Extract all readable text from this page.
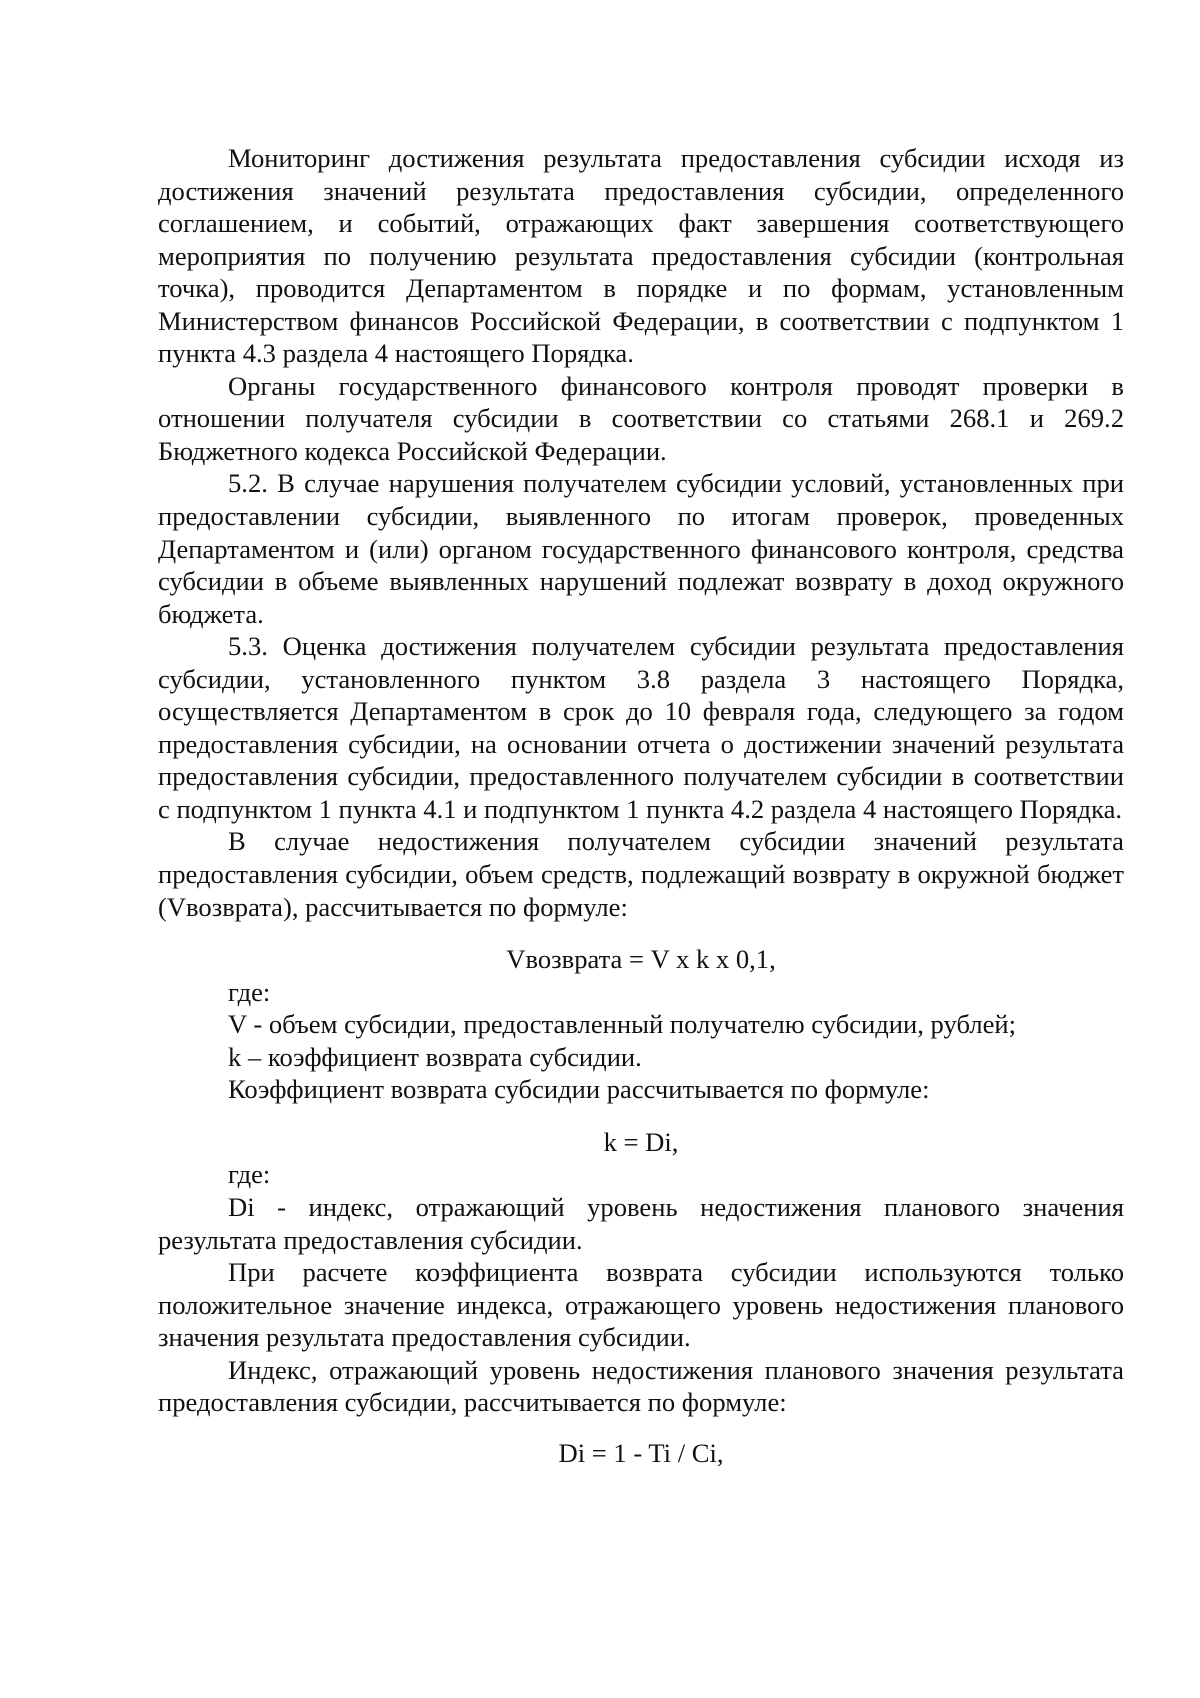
Мониторинг достижения результата предоставления субсидии исходя из достижения значений результата предоставления субсидии, определенного соглашением, и событий, отражающих факт завершения соответствующего мероприятия по получению результата предоставления субсидии (контрольная точка), проводится Департаментом в порядке и по формам, установленным Министерством финансов Российской Федерации, в соответствии с подпунктом 1 пункта 4.3 раздела 4 настоящего Порядка.

Органы государственного финансового контроля проводят проверки в отношении получателя субсидии в соответствии со статьями 268.1 и 269.2 Бюджетного кодекса Российской Федерации.

5.2. В случае нарушения получателем субсидии условий, установленных при предоставлении субсидии, выявленного по итогам проверок, проведенных Департаментом и (или) органом государственного финансового контроля, средства субсидии в объеме выявленных нарушений подлежат возврату в доход окружного бюджета.

5.3. Оценка достижения получателем субсидии результата предоставления субсидии, установленного пунктом 3.8 раздела 3 настоящего Порядка, осуществляется Департаментом в срок до 10 февраля года, следующего за годом предоставления субсидии, на основании отчета о достижении значений результата предоставления субсидии, предоставленного получателем субсидии в соответствии с подпунктом 1 пункта 4.1 и подпунктом 1 пункта 4.2 раздела 4 настоящего Порядка.

В случае недостижения получателем субсидии значений результата предоставления субсидии, объем средств, подлежащий возврату в окружной бюджет (Vвозврата), рассчитывается по формуле:

Vвозврата = V x k x 0,1,

где:

V - объем субсидии, предоставленный получателю субсидии, рублей;

k – коэффициент возврата субсидии.

Коэффициент возврата субсидии рассчитывается по формуле:

k = Di,

где:

Di - индекс, отражающий уровень недостижения планового значения результата предоставления субсидии.

При расчете коэффициента возврата субсидии используются только положительное значение индекса, отражающего уровень недостижения планового значения результата предоставления субсидии.

Индекс, отражающий уровень недостижения планового значения результата предоставления субсидии, рассчитывается по формуле:

Di = 1 - Ti / Ci,
